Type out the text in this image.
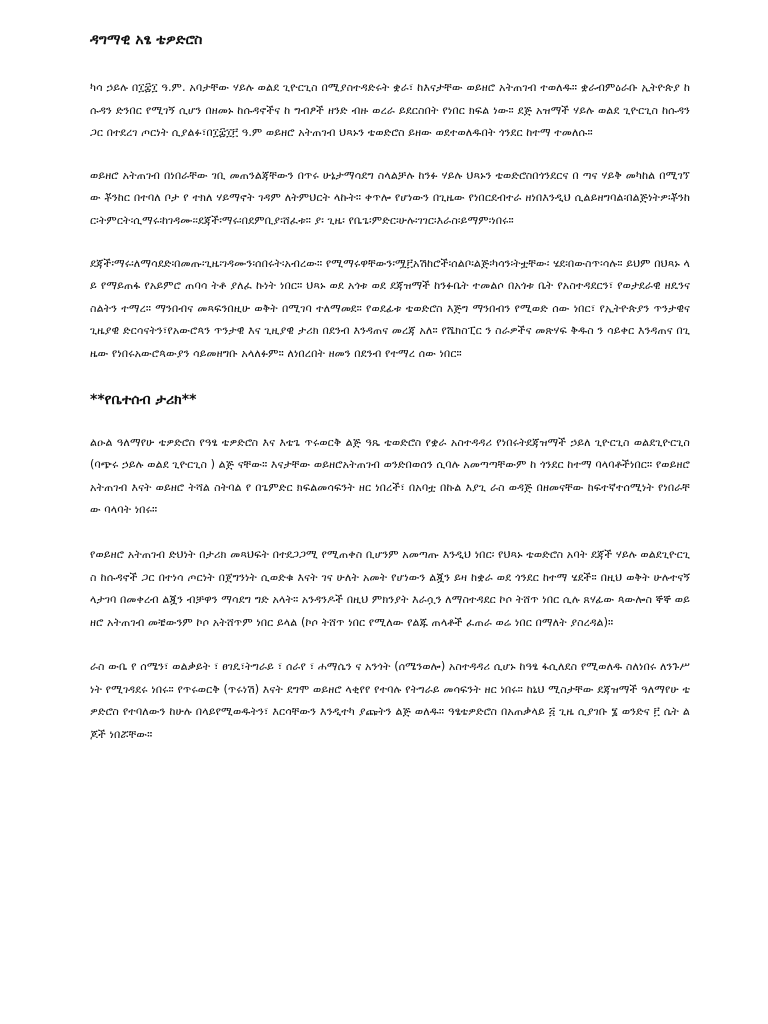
ዳግማዊ አፄ ቴዎድሮስ

ካሳ ኃይሉ በ፲፰፲ ዓ.ም. አባታቸው ሃይሉ ወልደ ጊዮርጊስ በሚያስተዳድሩት ቋራ፣ ከእናታቸው ወይዘሮ አትጠገብ ተወለዱ። ቋራብምዕራቡ ኢትዮጵያ ከሱዳን ድንበር የሚገኝ ሲሆን በዘመኑ ከሱዳኖችና ከ ግብፆች ዘንድ ብዙ ወረራ ይደርስበት የነበር ክፍል ነው። ደጅ አዝማች ሃይሉ ወልደ ጊዮርጊስ ከሱዳን ጋር በተደረገ ጦርነት ሲያልፉ፣በ፲፰፲፫ ዓ.ም ወይዘሮ አትጠገብ ህጻኑን ቴወድሮስ ይዘው ወደተወለዱበት ጎንደር ከተማ ተመለሱ።

ወይዘሮ አትጠገብ በነበራቸው ገቢ መጠንልጃቸውን በጥሩ ሁኔታማሳደግ ስላልቻሉ ከንፉ ሃይሉ ህጻኑን ቴወድሮስበጎንደርና በ ጣና ሃይቅ መካከል በሚገኘው ቾንከር በተባለ ቦታ የ ተክለ ሃይማኖት ገዳም ለትምህርት ላኩት። ቀጥሎ የሆነውን በጊዜው የነበርደብተራ ዘነበእንዲህ ሲልይዘግባል፡በልጅነትዎ፡ቾንከር፡ትምርት፡ሲማሩ፡ከገዳሙ፡፡ደጃች፡ማሩ፡በደምቢያ፡ሸፈቱ። ያ፡ ጊዜ፡ የቤጌ፡ምድር፡ሁሉ፡ገገር፡እራስ፡ይማም፡ነበሩ።

ደጃች፡ማሩ፡ለማሳደድ፡በመጡ፡ጊዜ፡ገዳሙን፡ሰበሩት፡አብረው። የሚማሩዋቸውን፡ሟ፫አሽከሮች፡ሰልቦ፡ልጅ፡ካሳን፡ትቷቸው፡ ሄደ፡በውስጥ፡ሳሉ። ይህም በህጻኑ ላይ የማይጠፋ የአይምሮ ጠባሳ ትቶ ያለፈ ኩነት ነበር። ህጻኑ ወደ አጎቱ ወደ ደጃዝማች ከንፉቤት ተመልሶ በአጎቱ ቤት የአስተዳደርን፣ የወታደራዊ ዘዴንና ስልትን ተማረ። ማንበብና መጻፍንበዚሁ ወቅት በሚገባ ተለማመደ። የወደፊቱ ቴወድሮስ እጅግ ማንበብን የሚወድ ሰው ነበር፣ የኢትዮጵያን ጥንታዊና ጊዜያዊ ድርሳናትን፣የአውሮጳን ጥንታዊ እና ጊዚያዊ ታሪክ በደንብ እንዳጠና መረጃ አለ። የሼክስፒር ን ስራዎችና መጽሃፍ ቅዱስ ን ሳይቀር እንዳጠና በጊዜው የነበሩአውሮጳውያን ሳይመዘግቡ አላለፉም። ለነበረበት ዘመን በደንብ የተማረ ሰው ነበር።

**የቤተሰብ ታሪክ**

ልዑል ዓለማየሁ ቴዎድሮስ የዓፄ ቴዎድሮስ እና እቴጌ ጥሩወርቅ ልጅ ዓጼ ቴወድሮስ የቋራ አስተዳዳሪ የነበሩትደጃዝማች ኃይለ ጊዮርጊስ ወልደጊዮርጊስ (ባጭሩ ኃይሉ ወልደ ጊዮርጊስ ) ልጅ ናቸው። እናታቸው ወይዘሮአትጠገብ ወንድበወሰን ሲባሉ አመጣጣቸውም ከ ጎንደር ከተማ ባላባቶችነበር። የወይዘሮ አትጠገብ እናት ወይዘሮ ትሻል ስትባል የ በጌምድር ክፍልመሳፍንት ዘር ነበረች፣ በአባቷ በኩል እያጊ ራስ ወዳጅ በዘመናቸው ከፍተኛተሰሚነት የነበራቸው ባላባት ነበሩ።

የወይዘሮ አትጠገብ ድህነት በታሪክ መጻህፍት በተደጋጋሚ የሚጠቀስ ቢሆንም አመጣጡ እንዲህ ነበር፡ የህጻኑ ቴወድሮስ አባት ደጃች ሃይሉ ወልደጊዮርጊስ ከሱዳኖች ጋር በተነሳ ጦርነት በጀግንነት ሲወድቁ እናት ገና ሁለት አመት የሆነውን ልጇን ይዛ ከቋራ ወደ ጎንደር ከተማ ሄደች። በዚህ ወቅት ሁሉተናኝ ላታገባ በመቀረብ ልጇን ብቻዋን ማሳደግ ግድ አላት። አንዳንዶች በዚህ ምክንያት እራሷን ለማስተዳደር ኮሶ ትሸጥ ነበር ሲሉ ጸሃፊው ጳውሎስ ኞኞ ወይዘሮ አትጠገብ መቼውንም ኮሶ አትሸጥም ነበር ይላል (ኮሶ ትሸጥ ነበር የሚለው የልጁ ጠላቶች ፈጠራ ወሬ ነበር በማለት ያስረዳል)።

ራስ ውቤ የ ሰሜን፣ ወልቃይት ፣ ፀገዴ፣ትግራይ ፣ ሰራየ ፣ ሐማሴን ና አንጎት (ሰሜንወሎ) አስተዳዳሪ ሲሆኑ ከዓፄ ፋሲለደስ የሚወለዱ ስለነበሩ ለንጉሥነት የሚገዳደሩ ነበሩ። የጥሩወርቅ (ጥሩነሽ) እናት ደግሞ ወይዘሮ ላቂየየ የተባሉ የትግራይ መሳፍንት ዘር ነበሩ። ከኒህ ሚስታቸው ደጃዝማች ዓለማየሁ ቴዎድሮስ የተባለውን ከሁሉ በላይየሚወዱትን፣ እርሳቸውን እንዲተካ ያጩትን ልጅ ወለዱ። ዓፄቴዎድሮስ በአጠቃላይ ፭ ጊዜ ሲያገቡ ፮ ወንድና ፫ ሴት ልጆች ነበሯቸው።
